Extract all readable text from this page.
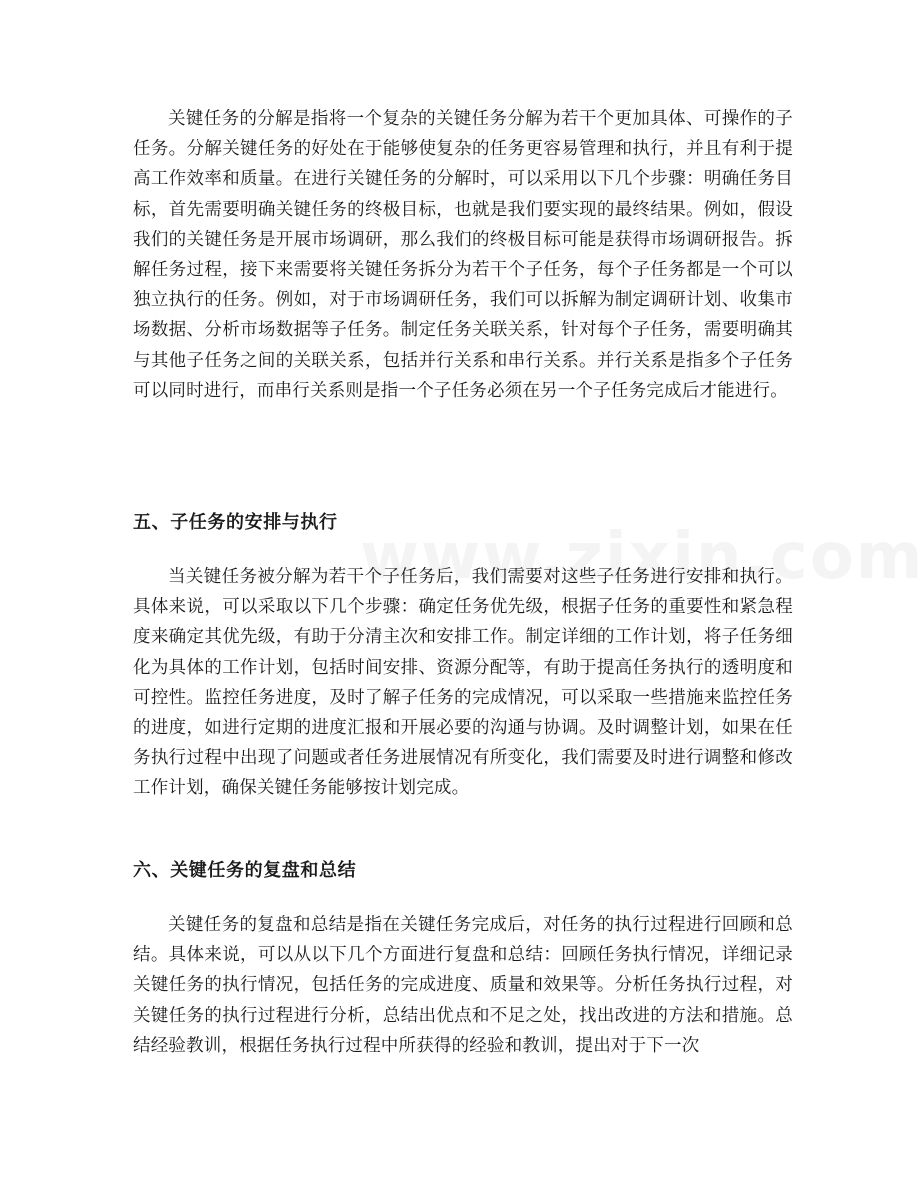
关键任务的分解是指将一个复杂的关键任务分解为若干个更加具体、可操作的子任务。分解关键任务的好处在于能够使复杂的任务更容易管理和执行，并且有利于提高工作效率和质量。在进行关键任务的分解时，可以采用以下几个步骤：明确任务目标，首先需要明确关键任务的终极目标，也就是我们要实现的最终结果。例如，假设我们的关键任务是开展市场调研，那么我们的终极目标可能是获得市场调研报告。拆解任务过程，接下来需要将关键任务拆分为若干个子任务，每个子任务都是一个可以独立执行的任务。例如，对于市场调研任务，我们可以拆解为制定调研计划、收集市场数据、分析市场数据等子任务。制定任务关联关系，针对每个子任务，需要明确其与其他子任务之间的关联关系，包括并行关系和串行关系。并行关系是指多个子任务可以同时进行，而串行关系则是指一个子任务必须在另一个子任务完成后才能进行。

五、子任务的安排与执行

当关键任务被分解为若干个子任务后，我们需要对这些子任务进行安排和执行。具体来说，可以采取以下几个步骤：确定任务优先级，根据子任务的重要性和紧急程度来确定其优先级，有助于分清主次和安排工作。制定详细的工作计划，将子任务细化为具体的工作计划，包括时间安排、资源分配等，有助于提高任务执行的透明度和可控性。监控任务进度，及时了解子任务的完成情况，可以采取一些措施来监控任务的进度，如进行定期的进度汇报和开展必要的沟通与协调。及时调整计划，如果在任务执行过程中出现了问题或者任务进展情况有所变化，我们需要及时进行调整和修改工作计划，确保关键任务能够按计划完成。

六、关键任务的复盘和总结

关键任务的复盘和总结是指在关键任务完成后，对任务的执行过程进行回顾和总结。具体来说，可以从以下几个方面进行复盘和总结：回顾任务执行情况，详细记录关键任务的执行情况，包括任务的完成进度、质量和效果等。分析任务执行过程，对关键任务的执行过程进行分析，总结出优点和不足之处，找出改进的方法和措施。总结经验教训，根据任务执行过程中所获得的经验和教训，提出对于下一次
